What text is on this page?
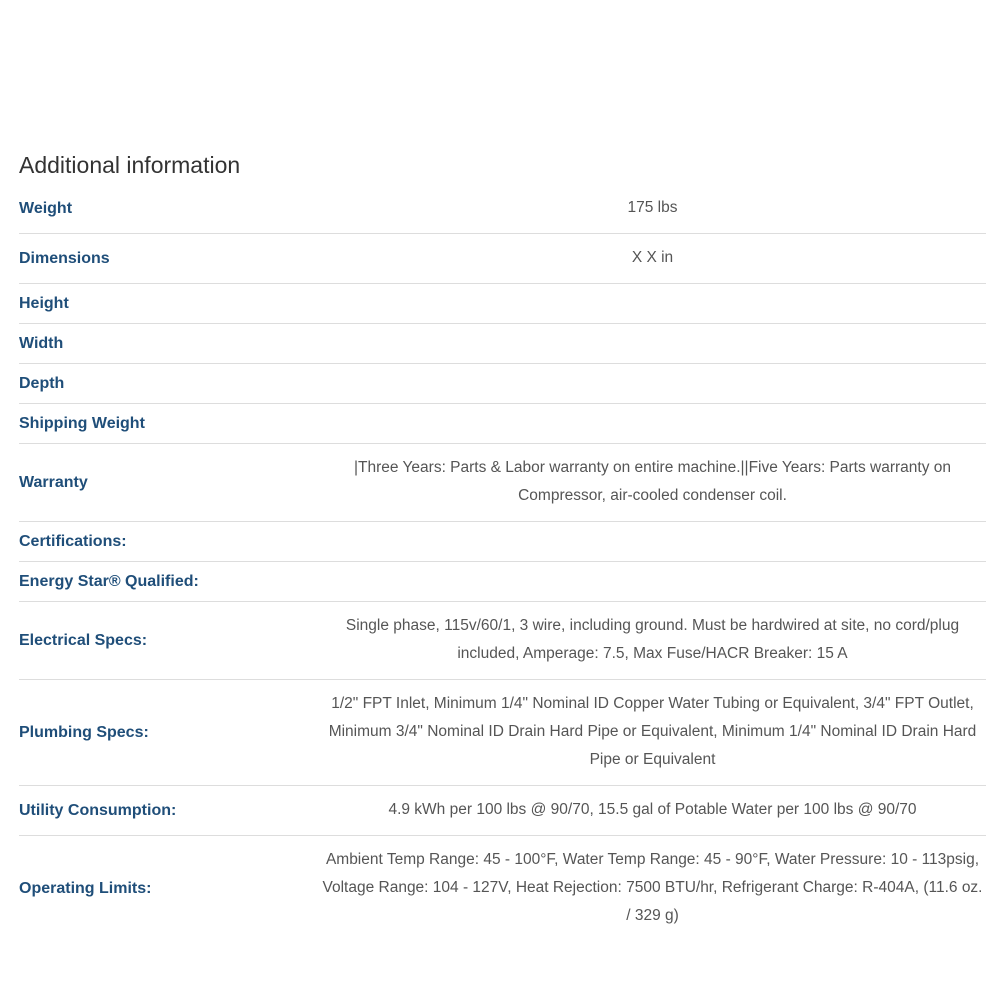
Additional information
Weight	175 lbs
Dimensions	X X in
Height	
Width	
Depth	
Shipping Weight	
Warranty	|Three Years: Parts & Labor warranty on entire machine.||Five Years: Parts warranty on Compressor, air-cooled condenser coil.
Certifications:	
Energy Star® Qualified:	
Electrical Specs:	Single phase, 115v/60/1, 3 wire, including ground. Must be hardwired at site, no cord/plug included, Amperage: 7.5, Max Fuse/HACR Breaker: 15 A
Plumbing Specs:	1/2" FPT Inlet, Minimum 1/4" Nominal ID Copper Water Tubing or Equivalent, 3/4" FPT Outlet, Minimum 3/4" Nominal ID Drain Hard Pipe or Equivalent, Minimum 1/4" Nominal ID Drain Hard Pipe or Equivalent
Utility Consumption:	4.9 kWh per 100 lbs @ 90/70, 15.5 gal of Potable Water per 100 lbs @ 90/70
Operating Limits:	Ambient Temp Range: 45 - 100°F, Water Temp Range: 45 - 90°F, Water Pressure: 10 - 113psig, Voltage Range: 104 - 127V, Heat Rejection: 7500 BTU/hr, Refrigerant Charge: R-404A, (11.6 oz. / 329 g)
